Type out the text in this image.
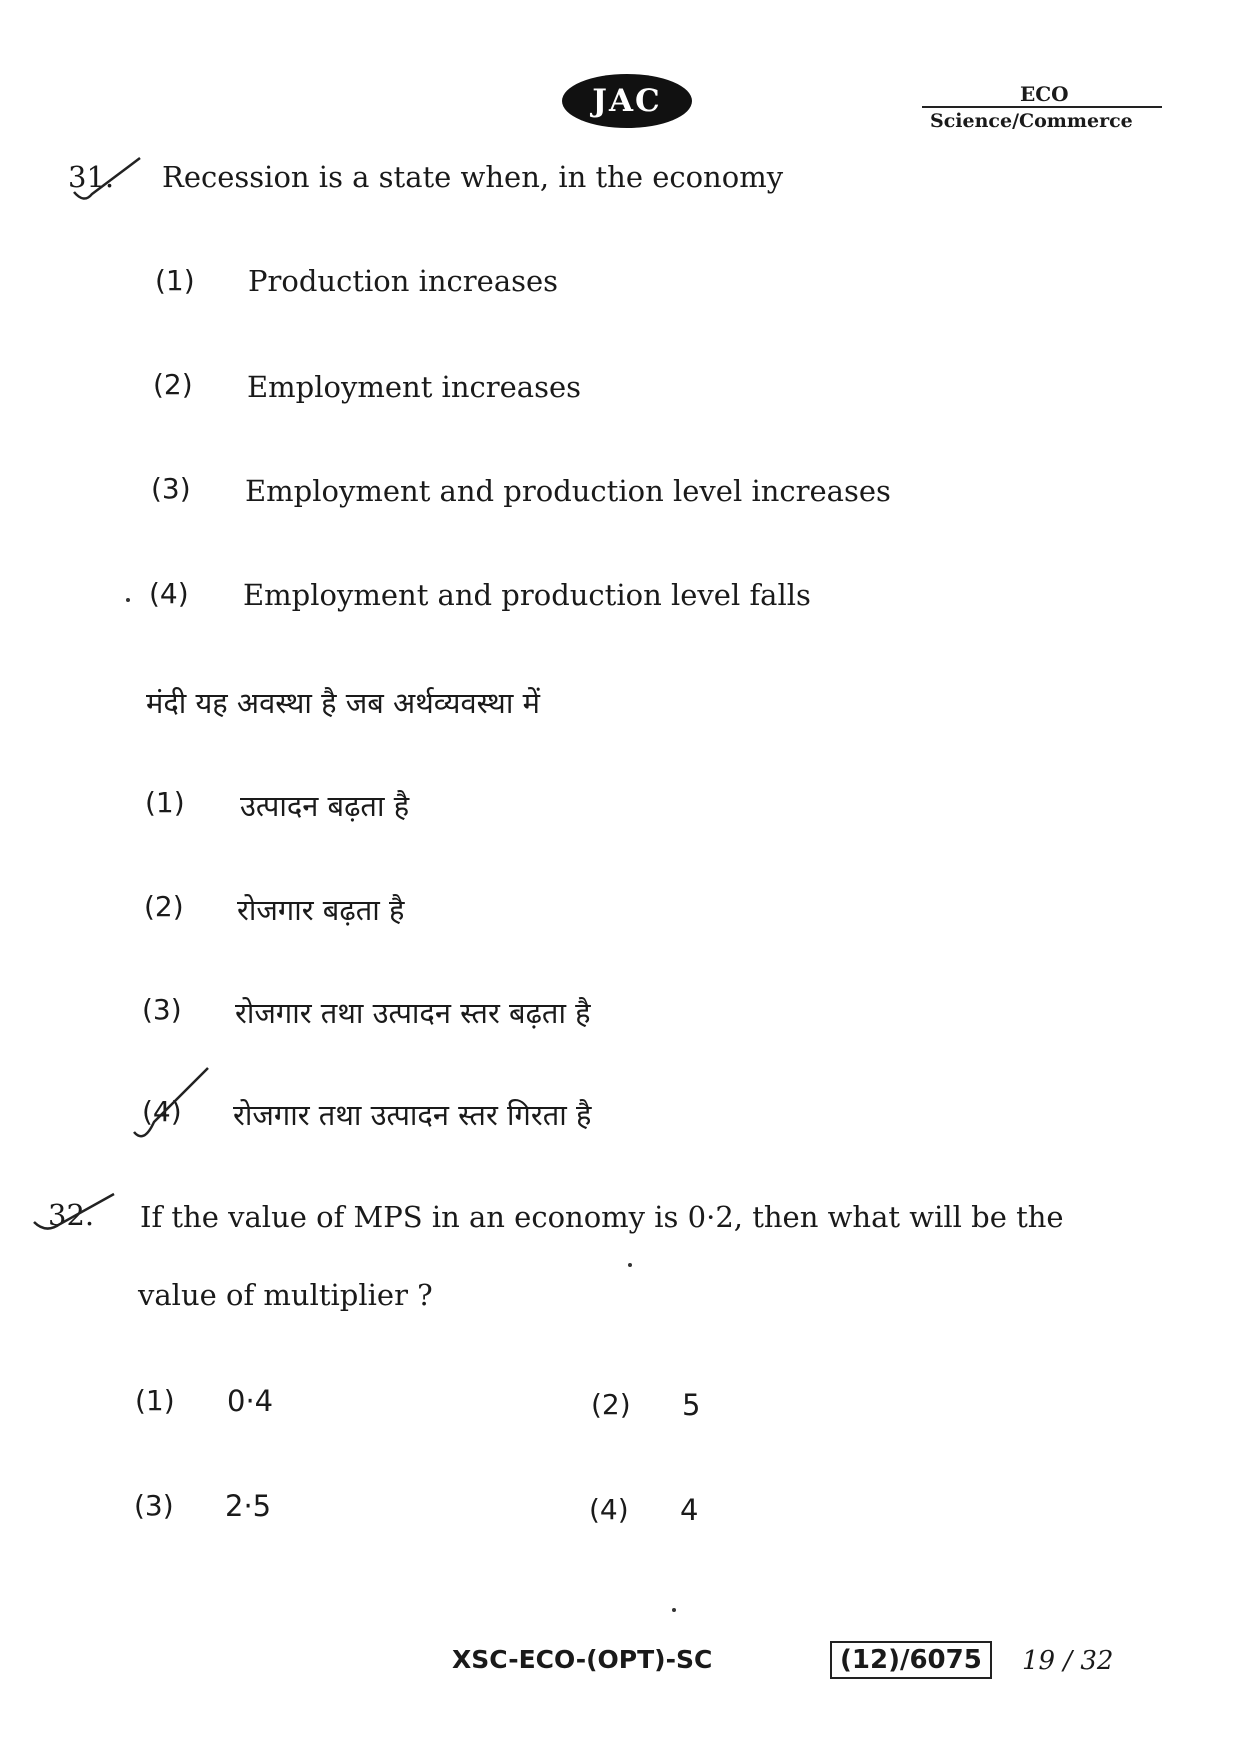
JAC	ECO
Science/Commerce
31. Recession is a state when, in the economy
(1) Production increases
(2) Employment increases
(3) Employment and production level increases
(4) Employment and production level falls
मंदी यह अवस्था है जब अर्थव्यवस्था में
(1) उत्पादन बढ़ता है
(2) रोजगार बढ़ता है
(3) रोजगार तथा उत्पादन स्तर बढ़ता है
(4) रोजगार तथा उत्पादन स्तर गिरता है
32. If the value of MPS in an economy is 0·2, then what will be the
value of multiplier ?
(1) 0·4	(2) 5
(3) 2·5	(4) 4
XSC-ECO-(OPT)-SC	(12)/6075	19 / 32
